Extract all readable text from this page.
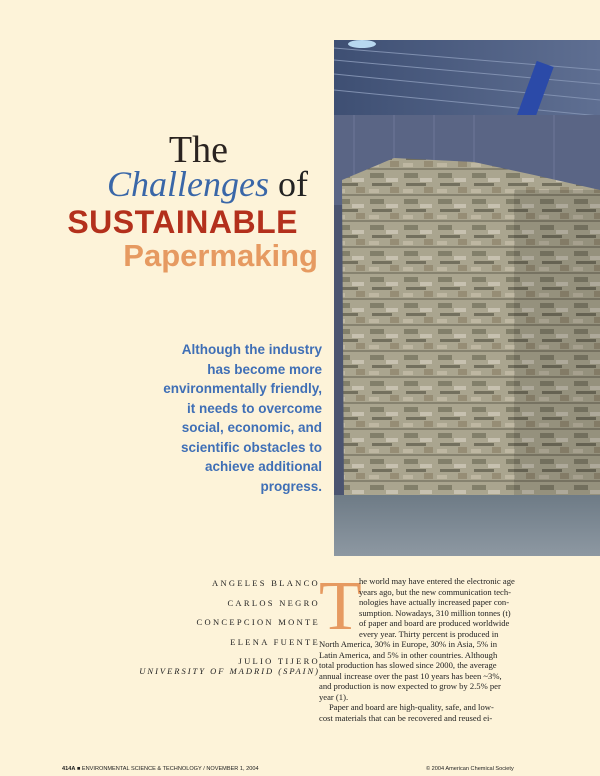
The
Challenges of
SUSTAINABLE
Papermaking
Although the industry
has become more
environmentally friendly,
it needs to overcome
social, economic, and
scientific obstacles to
achieve additional
progress.
ANGELES BLANCO
CARLOS NEGRO
CONCEPCION MONTE
ELENA FUENTE
JULIO TIJERO
UNIVERSITY OF MADRID (SPAIN)
T
he world may have entered the electronic age
years ago, but the new communication tech-
nologies have actually increased paper con-
sumption. Nowadays, 310 million tonnes (t)
of paper and board are produced worldwide
every year. Thirty percent is produced in
North America, 30% in Europe, 30% in Asia, 5% in
Latin America, and 5% in other countries. Although
total production has slowed since 2000, the average
annual increase over the past 10 years has been ~3%,
and production is now expected to grow by 2.5% per
year (1).
Paper and board are high-quality, safe, and low-
cost materials that can be recovered and reused ei-
414A ■ ENVIRONMENTAL SCIENCE & TECHNOLOGY / NOVEMBER 1, 2004	© 2004 American Chemical Society
